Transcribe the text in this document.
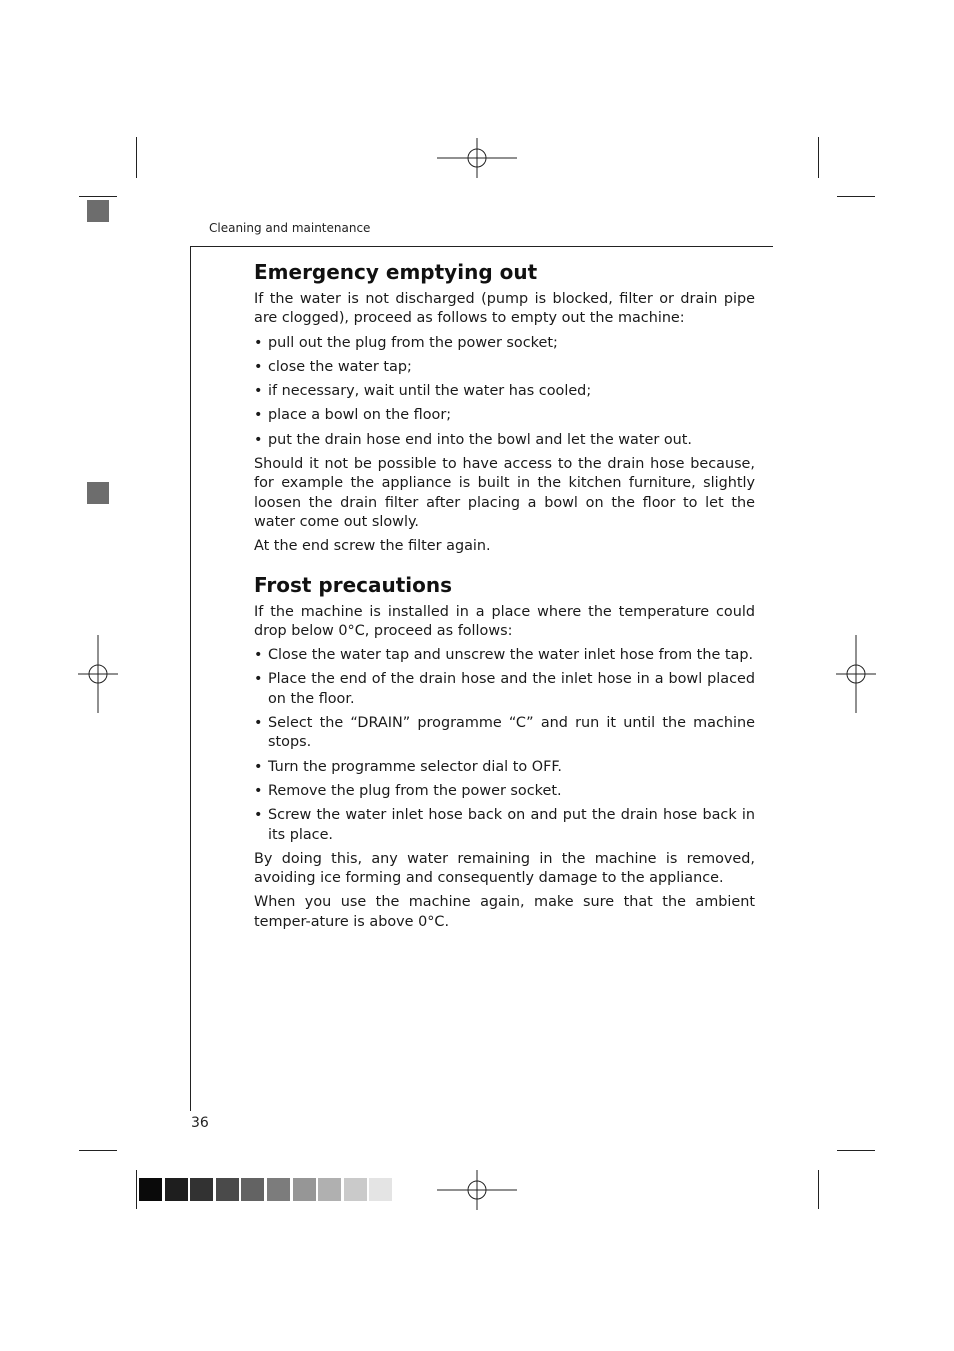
Cleaning and maintenance
Emergency emptying out

If the water is not discharged (pump is blocked, filter or drain pipe are clogged), proceed as follows to empty out the machine:

• pull out the plug from the power socket;
• close the water tap;
• if necessary, wait until the water has cooled;
• place a bowl on the floor;
• put the drain hose end into the bowl and let the water out.

Should it not be possible to have access to the drain hose because, for example the appliance is built in the kitchen furniture, slightly loosen the drain filter after placing a bowl on the floor to let the water come out slowly.

At the end screw the filter again.

Frost precautions

If the machine is installed in a place where the temperature could drop below 0°C, proceed as follows:

• Close the water tap and unscrew the water inlet hose from the tap.
• Place the end of the drain hose and the inlet hose in a bowl placed on the floor.
• Select the “DRAIN” programme “C” and run it until the machine stops.
• Turn the programme selector dial to OFF.
• Remove the plug from the power socket.
• Screw the water inlet hose back on and put the drain hose back in its place.

By doing this, any water remaining in the machine is removed, avoiding ice forming and consequently damage to the appliance.

When you use the machine again, make sure that the ambient temper-ature is above 0°C.

36
